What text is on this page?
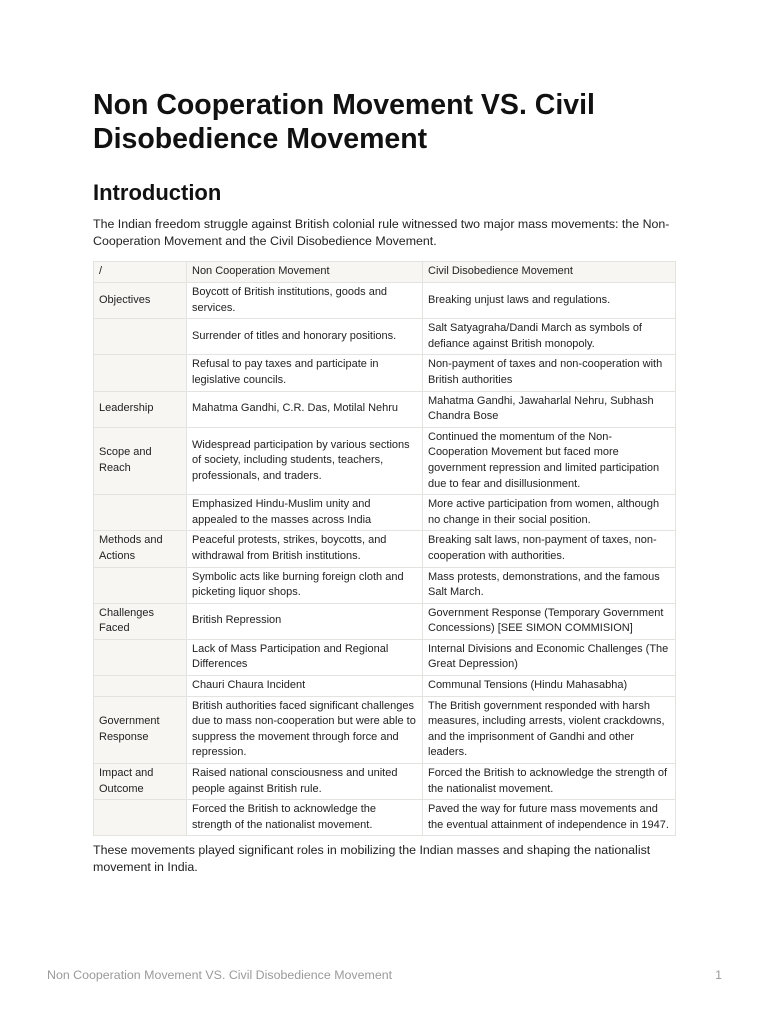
Non Cooperation Movement VS. Civil Disobedience Movement
Introduction

The Indian freedom struggle against British colonial rule witnessed two major mass movements: the Non-Cooperation Movement and the Civil Disobedience Movement.

/	Non Cooperation Movement	Civil Disobedience Movement
Objectives	Boycott of British institutions, goods and services.	Breaking unjust laws and regulations.
	Surrender of titles and honorary positions.	Salt Satyagraha/Dandi March as symbols of defiance against British monopoly.
	Refusal to pay taxes and participate in legislative councils.	Non-payment of taxes and non-cooperation with British authorities
Leadership	Mahatma Gandhi, C.R. Das, Motilal Nehru	Mahatma Gandhi, Jawaharlal Nehru, Subhash Chandra Bose
Scope and Reach	Widespread participation by various sections of society, including students, teachers, professionals, and traders.	Continued the momentum of the Non-Cooperation Movement but faced more government repression and limited participation due to fear and disillusionment.
	Emphasized Hindu-Muslim unity and appealed to the masses across India	More active participation from women, although no change in their social position.
Methods and Actions	Peaceful protests, strikes, boycotts, and withdrawal from British institutions.	Breaking salt laws, non-payment of taxes, non-cooperation with authorities.
	Symbolic acts like burning foreign cloth and picketing liquor shops.	Mass protests, demonstrations, and the famous Salt March.
Challenges Faced	British Repression	Government Response (Temporary Government Concessions) [SEE SIMON COMMISION]
	Lack of Mass Participation and Regional Differences	Internal Divisions and Economic Challenges (The Great Depression)
	Chauri Chaura Incident	Communal Tensions (Hindu Mahasabha)
Government Response	British authorities faced significant challenges due to mass non-cooperation but were able to suppress the movement through force and repression.	The British government responded with harsh measures, including arrests, violent crackdowns, and the imprisonment of Gandhi and other leaders.
Impact and Outcome	Raised national consciousness and united people against British rule.	Forced the British to acknowledge the strength of the nationalist movement.
	Forced the British to acknowledge the strength of the nationalist movement.	Paved the way for future mass movements and the eventual attainment of independence in 1947.

These movements played significant roles in mobilizing the Indian masses and shaping the nationalist movement in India.

Non Cooperation Movement VS. Civil Disobedience Movement	1
